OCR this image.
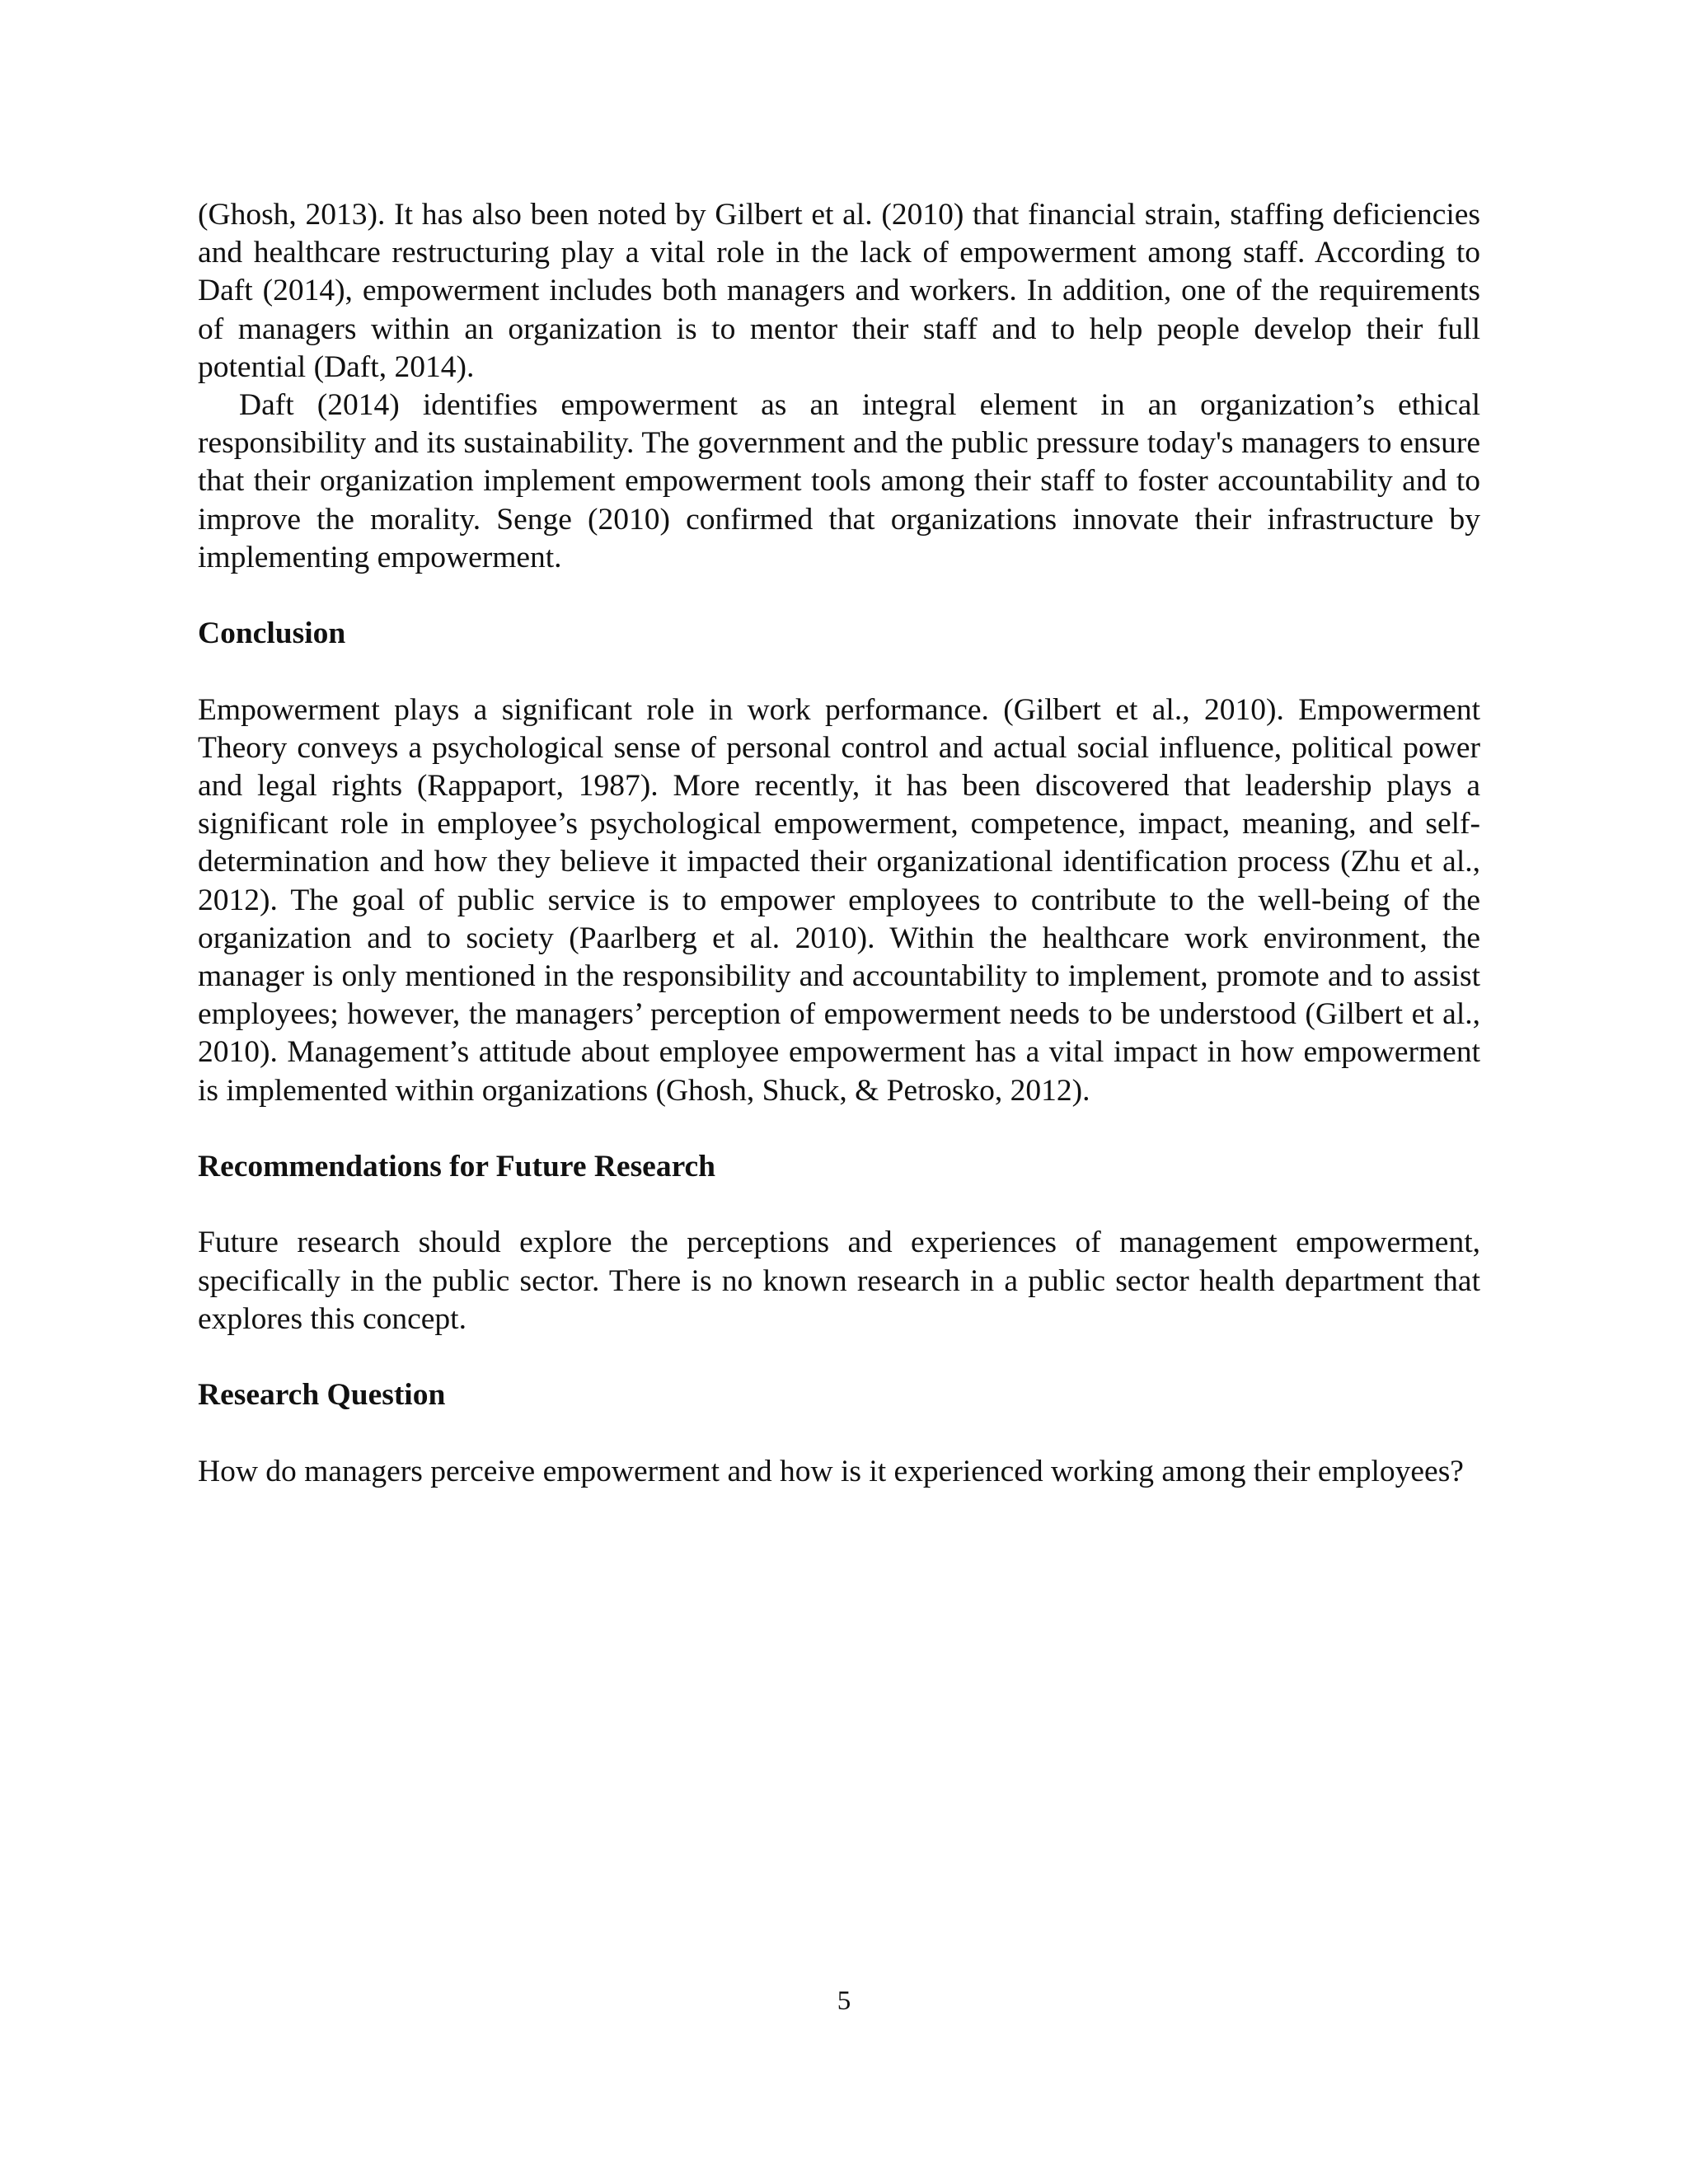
(Ghosh, 2013). It has also been noted by Gilbert et al. (2010) that financial strain, staffing deficiencies and healthcare restructuring play a vital role in the lack of empowerment among staff. According to Daft (2014), empowerment includes both managers and workers. In addition, one of the requirements of managers within an organization is to mentor their staff and to help people develop their full potential (Daft, 2014).

Daft (2014) identifies empowerment as an integral element in an organization’s ethical responsibility and its sustainability. The government and the public pressure today's managers to ensure that their organization implement empowerment tools among their staff to foster accountability and to improve the morality. Senge (2010) confirmed that organizations innovate their infrastructure by implementing empowerment.

Conclusion

Empowerment plays a significant role in work performance. (Gilbert et al., 2010). Empowerment Theory conveys a psychological sense of personal control and actual social influence, political power and legal rights (Rappaport, 1987). More recently, it has been discovered that leadership plays a significant role in employee’s psychological empowerment, competence, impact, meaning, and self-determination and how they believe it impacted their organizational identification process (Zhu et al., 2012). The goal of public service is to empower employees to contribute to the well-being of the organization and to society (Paarlberg et al. 2010). Within the healthcare work environment, the manager is only mentioned in the responsibility and accountability to implement, promote and to assist employees; however, the managers’ perception of empowerment needs to be understood (Gilbert et al., 2010). Management’s attitude about employee empowerment has a vital impact in how empowerment is implemented within organizations (Ghosh, Shuck, & Petrosko, 2012).

Recommendations for Future Research

Future research should explore the perceptions and experiences of management empowerment, specifically in the public sector. There is no known research in a public sector health department that explores this concept.

Research Question

How do managers perceive empowerment and how is it experienced working among their employees?

5
